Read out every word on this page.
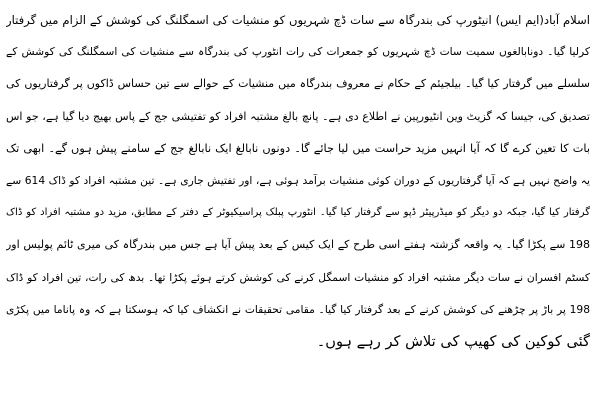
اسلام آباد(ایم ایس) انیٹورپ کی بندرگاہ سے سات ڈچ شہریوں کو منشیات کی اسمگلنگ کی کوشش کے الزام میں گرفتار
کرلیا گیا۔ دونابالغوں سمیت سات ڈچ شہریوں کو جمعرات کی رات انٹورپ کی بندرگاہ سے منشیات کی اسمگلنگ کی کوشش کے
سلسلے میں گرفتار کیا گیا۔ بیلجیئم کے حکام نے معروف بندرگاہ میں منشیات کے حوالے سے تین حساس ڈاکوں پر گرفتاریوں کی
تصدیق کی، جیسا کہ گزیٹ وین انٹیورپین نے اطلاع دی ہے۔ پانچ بالغ مشتبہ افراد کو تفتیشی جج کے پاس بھیج دیا گیا ہے، جو اس
بات کا تعین کرے گا کہ آیا انہیں مزید حراست میں لیا جائے گا۔ دونوں نابالغ ایک نابالغ جج کے سامنے پیش ہوں گے۔ ابھی تک
یہ واضح نہیں ہے کہ آیا گرفتاریوں کے دوران کوئی منشیات برآمد ہوئی ہے، اور تفتیش جاری ہے۔ تین مشتبہ افراد کو ڈاک 614 سے
گرفتار کیا گیا، جبکہ دو دیگر کو میڈرپیٹر ڈپو سے گرفتار کیا گیا۔ انٹورپ پبلک پراسیکیوٹر کے دفتر کے مطابق، مزید دو مشتبہ افراد کو ڈاک
198 سے پکڑا گیا۔ یہ واقعہ گزشتہ ہفتے اسی طرح کے ایک کیس کے بعد پیش آیا ہے جس میں بندرگاہ کی میری ٹائم پولیس اور
کسٹم افسران نے سات دیگر مشتبہ افراد کو منشیات اسمگل کرنے کی کوشش کرتے ہوئے پکڑا تھا۔ بدھ کی رات، تین افراد کو ڈاک
198 پر باڑ پر چڑھنے کی کوشش کرنے کے بعد گرفتار کیا گیا۔ مقامی تحقیقات نے انکشاف کیا کہ ہوسکتا ہے کہ وہ پاناما میں پکڑی
گئی کوکین کی کھیپ کی تلاش کر رہے ہوں۔
